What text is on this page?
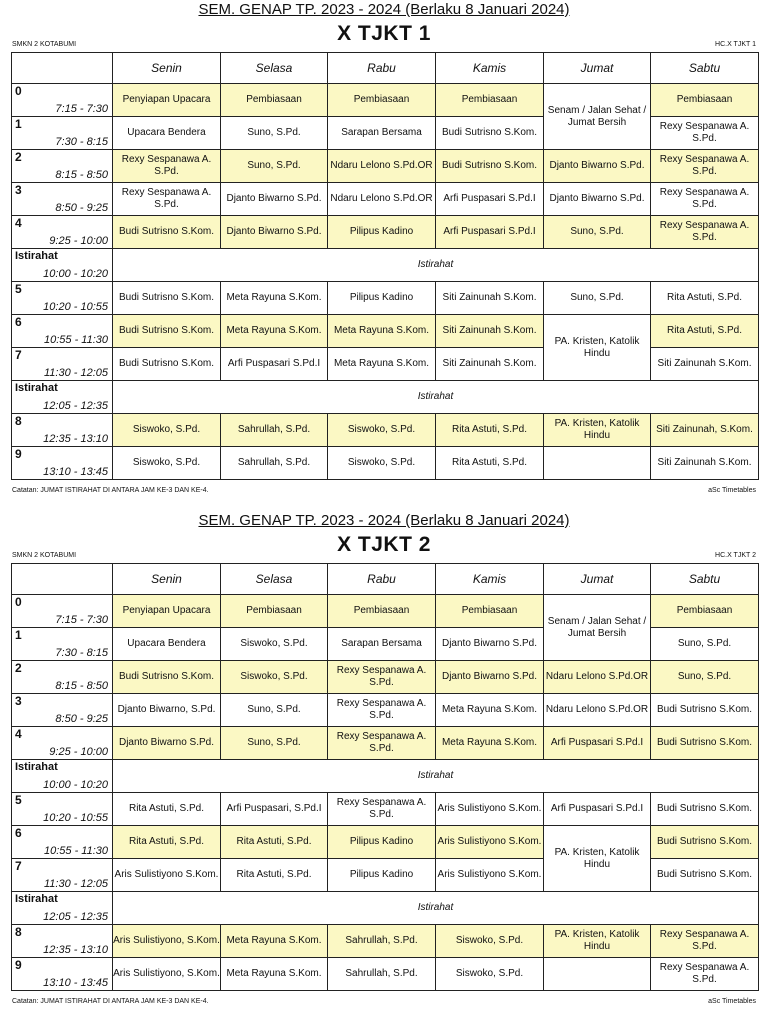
SEM. GENAP TP. 2023 - 2024 (Berlaku 8 Januari 2024)
X TJKT 1
SMKN 2 KOTABUMI	HC.X TJKT 1
	Senin	Selasa	Rabu	Kamis	Jumat	Sabtu

0
7:15 - 7:30	Penyiapan Upacara	Pembiasaan	Pembiasaan	Pembiasaan	Senam / Jalan Sehat / Jumat Bersih	Pembiasaan

1
7:30 - 8:15	Upacara Bendera	Suno, S.Pd.	Sarapan Bersama	Budi Sutrisno S.Kom.		Rexy Sespanawa A. S.Pd.

2
8:15 - 8:50	Rexy Sespanawa A. S.Pd.	Suno, S.Pd.	Ndaru Lelono S.Pd.OR	Budi Sutrisno S.Kom.	Djanto Biwarno S.Pd.	Rexy Sespanawa A. S.Pd.

3
8:50 - 9:25	Rexy Sespanawa A. S.Pd.	Djanto Biwarno S.Pd.	Ndaru Lelono S.Pd.OR	Arfi Puspasari S.Pd.I	Djanto Biwarno S.Pd.	Rexy Sespanawa A. S.Pd.

4
9:25 - 10:00	Budi Sutrisno S.Kom.	Djanto Biwarno S.Pd.	Pilipus Kadino	Arfi Puspasari S.Pd.I	Suno, S.Pd.	Rexy Sespanawa A. S.Pd.

Istirahat
10:00 - 10:20	Istirahat					

5
10:20 - 10:55	Budi Sutrisno S.Kom.	Meta Rayuna S.Kom.	Pilipus Kadino	Siti Zainunah S.Kom.	Suno, S.Pd.	Rita Astuti, S.Pd.

6
10:55 - 11:30	Budi Sutrisno S.Kom.	Meta Rayuna S.Kom.	Meta Rayuna S.Kom.	Siti Zainunah S.Kom.	PA. Kristen, Katolik Hindu	Rita Astuti, S.Pd.

7
11:30 - 12:05	Budi Sutrisno S.Kom.	Arfi Puspasari S.Pd.I	Meta Rayuna S.Kom.	Siti Zainunah S.Kom.		Siti Zainunah S.Kom.

Istirahat
12:05 - 12:35	Istirahat					

8
12:35 - 13:10	Siswoko, S.Pd.	Sahrullah, S.Pd.	Siswoko, S.Pd.	Rita Astuti, S.Pd.	PA. Kristen, Katolik Hindu	Siti Zainunah, S.Kom.

9
13:10 - 13:45	Siswoko, S.Pd.	Sahrullah, S.Pd.	Siswoko, S.Pd.	Rita Astuti, S.Pd.		Siti Zainunah S.Kom.
Catatan: JUMAT ISTIRAHAT DI ANTARA JAM KE-3 DAN KE-4.	aSc Timetables
SEM. GENAP TP. 2023 - 2024 (Berlaku 8 Januari 2024)
X TJKT 2
SMKN 2 KOTABUMI	HC.X TJKT 2
	Senin	Selasa	Rabu	Kamis	Jumat	Sabtu

0
7:15 - 7:30	Penyiapan Upacara	Pembiasaan	Pembiasaan	Pembiasaan	Senam / Jalan Sehat / Jumat Bersih	Pembiasaan

1
7:30 - 8:15	Upacara Bendera	Siswoko, S.Pd.	Sarapan Bersama	Djanto Biwarno S.Pd.		Suno, S.Pd.

2
8:15 - 8:50	Budi Sutrisno S.Kom.	Siswoko, S.Pd.	Rexy Sespanawa A. S.Pd.	Djanto Biwarno S.Pd.	Ndaru Lelono S.Pd.OR	Suno, S.Pd.

3
8:50 - 9:25	Djanto Biwarno, S.Pd.	Suno, S.Pd.	Rexy Sespanawa A. S.Pd.	Meta Rayuna S.Kom.	Ndaru Lelono S.Pd.OR	Budi Sutrisno S.Kom.

4
9:25 - 10:00	Djanto Biwarno S.Pd.	Suno, S.Pd.	Rexy Sespanawa A. S.Pd.	Meta Rayuna S.Kom.	Arfi Puspasari S.Pd.I	Budi Sutrisno S.Kom.

Istirahat
10:00 - 10:20	Istirahat					

5
10:20 - 10:55	Rita Astuti, S.Pd.	Arfi Puspasari, S.Pd.I	Rexy Sespanawa A. S.Pd.	Aris Sulistiyono S.Kom.	Arfi Puspasari S.Pd.I	Budi Sutrisno S.Kom.

6
10:55 - 11:30	Rita Astuti, S.Pd.	Rita Astuti, S.Pd.	Pilipus Kadino	Aris Sulistiyono S.Kom.	PA. Kristen, Katolik Hindu	Budi Sutrisno S.Kom.

7
11:30 - 12:05	Aris Sulistiyono S.Kom.	Rita Astuti, S.Pd.	Pilipus Kadino	Aris Sulistiyono S.Kom.		Budi Sutrisno S.Kom.

Istirahat
12:05 - 12:35	Istirahat					

8
12:35 - 13:10	Aris Sulistiyono, S.Kom.	Meta Rayuna S.Kom.	Sahrullah, S.Pd.	Siswoko, S.Pd.	PA. Kristen, Katolik Hindu	Rexy Sespanawa A. S.Pd.

9
13:10 - 13:45	Aris Sulistiyono, S.Kom.	Meta Rayuna S.Kom.	Sahrullah, S.Pd.	Siswoko, S.Pd.		Rexy Sespanawa A. S.Pd.
Catatan: JUMAT ISTIRAHAT DI ANTARA JAM KE-3 DAN KE-4.	aSc Timetables
